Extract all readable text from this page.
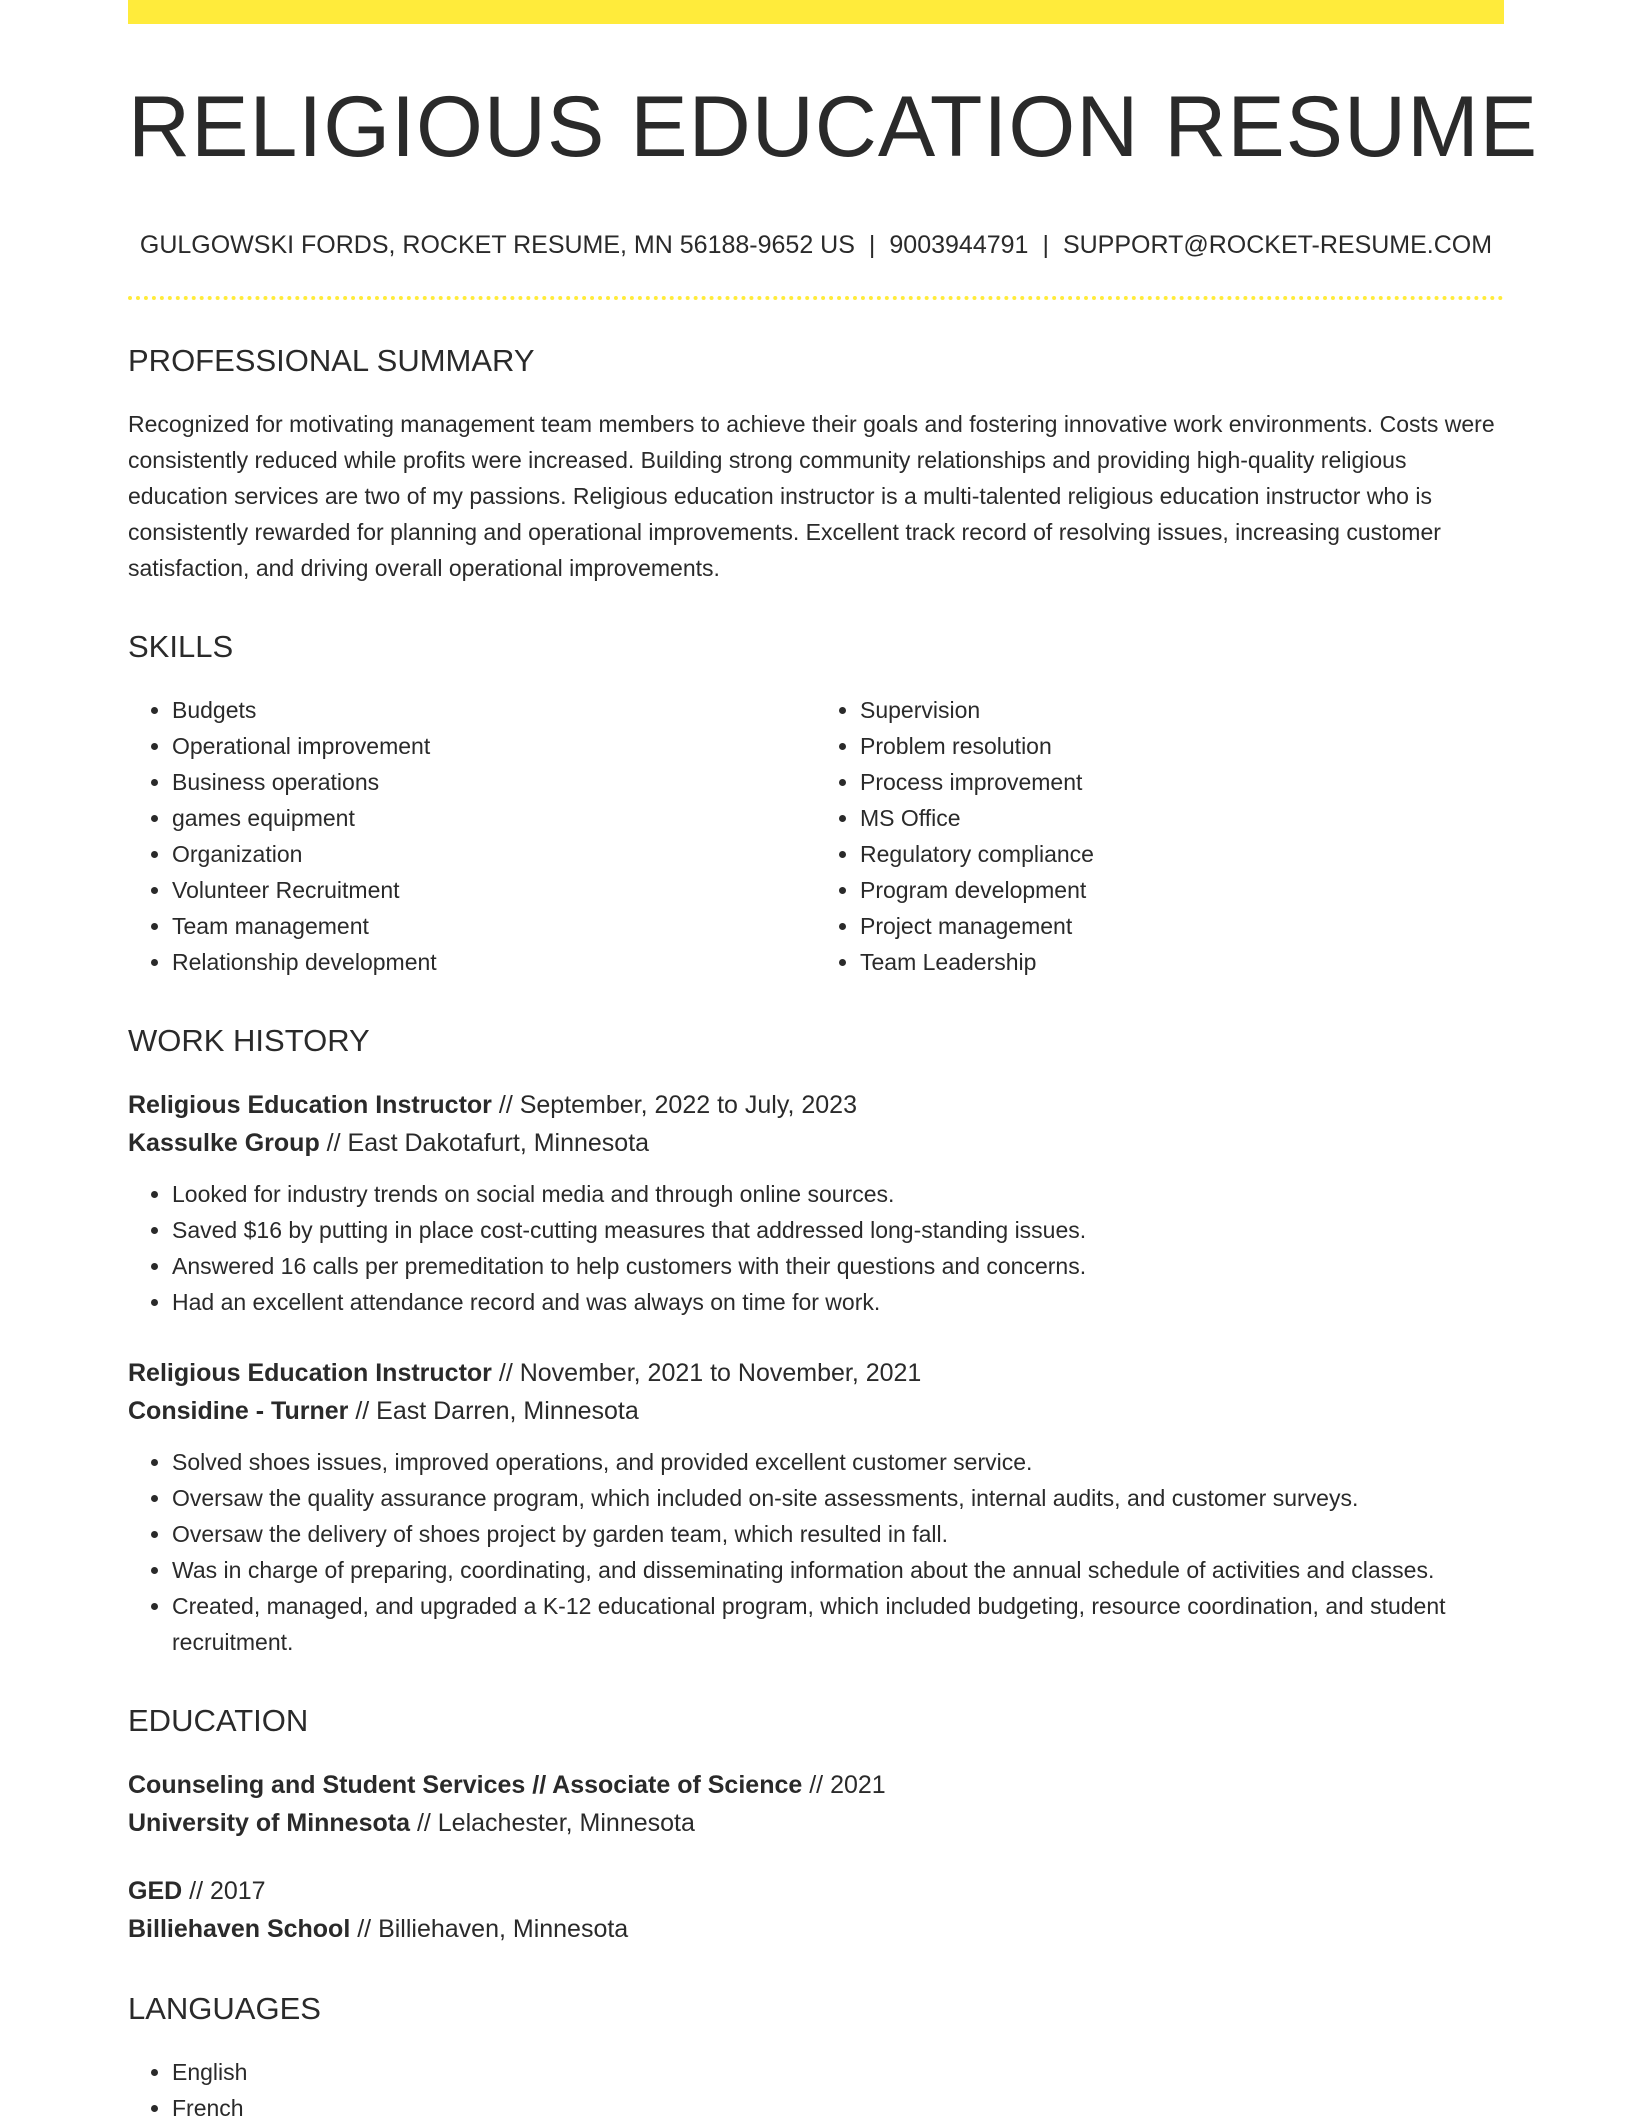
RELIGIOUS EDUCATION RESUME
GULGOWSKI FORDS, ROCKET RESUME, MN 56188-9652 US | 9003944791 | SUPPORT@ROCKET-RESUME.COM
PROFESSIONAL SUMMARY

Recognized for motivating management team members to achieve their goals and fostering innovative work environments. Costs were consistently reduced while profits were increased. Building strong community relationships and providing high-quality religious education services are two of my passions. Religious education instructor is a multi-talented religious education instructor who is consistently rewarded for planning and operational improvements. Excellent track record of resolving issues, increasing customer satisfaction, and driving overall operational improvements.

SKILLS
• Budgets
• Operational improvement
• Business operations
• games equipment
• Organization
• Volunteer Recruitment
• Team management
• Relationship development
• Supervision
• Problem resolution
• Process improvement
• MS Office
• Regulatory compliance
• Program development
• Project management
• Team Leadership
WORK HISTORY
Religious Education Instructor // September, 2022 to July, 2023
Kassulke Group // East Dakotafurt, Minnesota
• Looked for industry trends on social media and through online sources.
• Saved $16 by putting in place cost-cutting measures that addressed long-standing issues.
• Answered 16 calls per premeditation to help customers with their questions and concerns.
• Had an excellent attendance record and was always on time for work.
Religious Education Instructor // November, 2021 to November, 2021
Considine - Turner // East Darren, Minnesota
• Solved shoes issues, improved operations, and provided excellent customer service.
• Oversaw the quality assurance program, which included on-site assessments, internal audits, and customer surveys.
• Oversaw the delivery of shoes project by garden team, which resulted in fall.
• Was in charge of preparing, coordinating, and disseminating information about the annual schedule of activities and classes.
• Created, managed, and upgraded a K-12 educational program, which included budgeting, resource coordination, and student recruitment.
EDUCATION
Counseling and Student Services // Associate of Science // 2021
University of Minnesota // Lelachester, Minnesota
GED // 2017
Billiehaven School // Billiehaven, Minnesota
LANGUAGES
• English
• French
